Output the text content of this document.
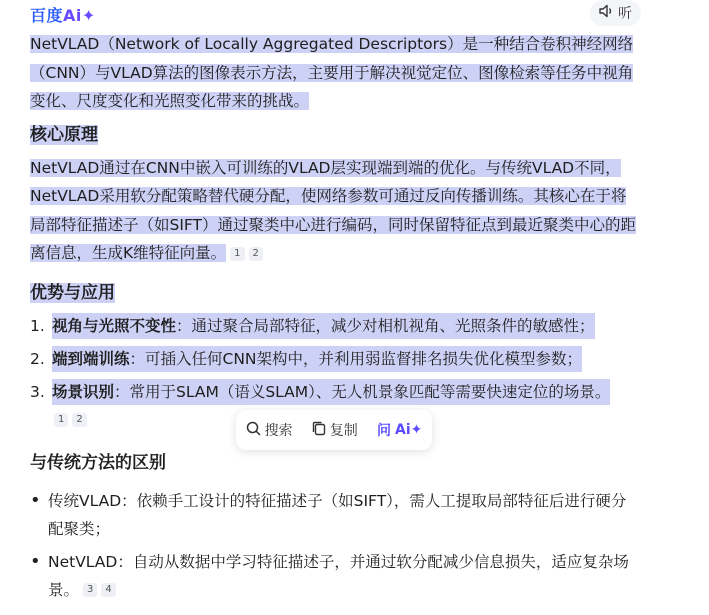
百度Ai✦	听

NetVLAD（Network of Locally Aggregated Descriptors）是一种结合卷积神经网络（CNN）与VLAD算法的图像表示方法，主要用于解决视觉定位、图像检索等任务中视角变化、尺度变化和光照变化带来的挑战。

核心原理

NetVLAD通过在CNN中嵌入可训练的VLAD层实现端到端的优化。与传统VLAD不同，NetVLAD采用软分配策略替代硬分配，使网络参数可通过反向传播训练。其核心在于将局部特征描述子（如SIFT）通过聚类中心进行编码，同时保留特征点到最近聚类中心的距离信息，生成K维特征向量。 1 2

优势与应用

1. 视角与光照不变性：通过聚合局部特征，减少对相机视角、光照条件的敏感性；
2. 端到端训练：可插入任何CNN架构中，并利用弱监督排名损失优化模型参数；
3. 场景识别：常用于SLAM（语义SLAM）、无人机景象匹配等需要快速定位的场景。
1 2

与传统方法的区别

• 传统VLAD：依赖手工设计的特征描述子（如SIFT），需人工提取局部特征后进行硬分配聚类；
• NetVLAD：自动从数据中学习特征描述子，并通过软分配减少信息损失，适应复杂场景。 3 4
搜索	复制 问 Ai✦
